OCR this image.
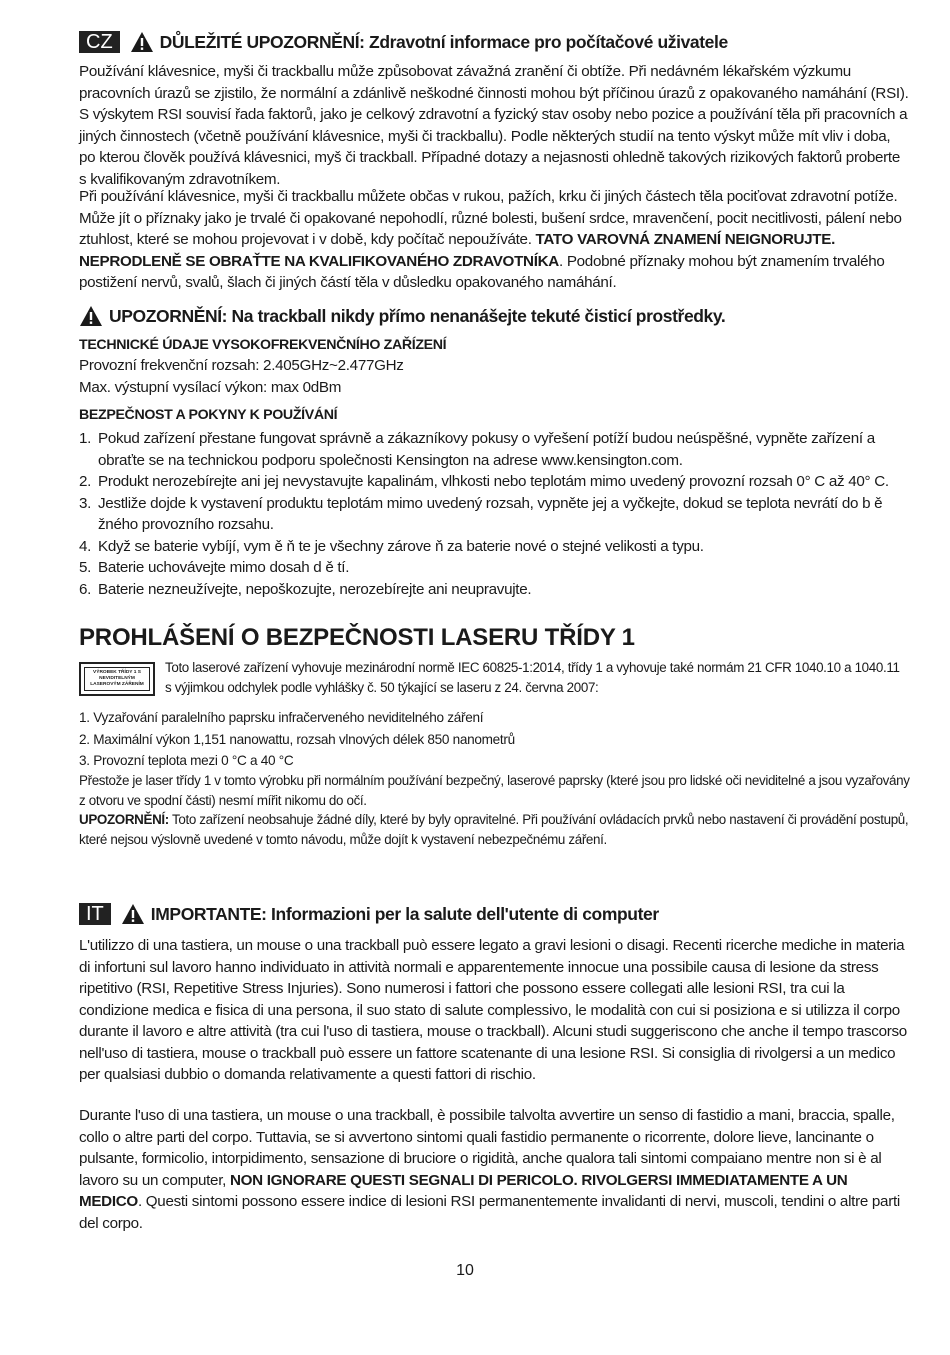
CZ	DŮLEŽITÉ UPOZORNĚNÍ: Zdravotní informace pro počítačové uživatele

Používání klávesnice, myši či trackballu může způsobovat závažná zranění či obtíže. Při nedávném lékařském výzkumu pracovních úrazů se zjistilo, že normální a zdánlivě neškodné činnosti mohou být příčinou úrazů z opakovaného namáhání (RSI). S výskytem RSI souvisí řada faktorů, jako je celkový zdravotní a fyzický stav osoby nebo pozice a používání těla při pracovních a jiných činnostech (včetně používání klávesnice, myši či trackballu). Podle některých studií na tento výskyt může mít vliv i doba, po kterou člověk používá klávesnici, myš či trackball. Případné dotazy a nejasnosti ohledně takových rizikových faktorů proberte s kvalifikovaným zdravotníkem.

Při používání klávesnice, myši či trackballu můžete občas v rukou, pažích, krku či jiných částech těla pociťovat zdravotní potíže. Může jít o příznaky jako je trvalé či opakované nepohodlí, různé bolesti, bušení srdce, mravenčení, pocit necitlivosti, pálení nebo ztuhlost, které se mohou projevovat i v době, kdy počítač nepoužíváte. TATO VAROVNÁ ZNAMENÍ NEIGNORUJTE. NEPRODLENĚ SE OBRAŤTE NA KVALIFIKOVANÉHO ZDRAVOTNÍKA. Podobné příznaky mohou být znamením trvalého postižení nervů, svalů, šlach či jiných částí těla v důsledku opakovaného namáhání.

UPOZORNĚNÍ: Na trackball nikdy přímo nenanášejte tekuté čisticí prostředky.
TECHNICKÉ ÚDAJE VYSOKOFREKVENČNÍHO ZAŘÍZENÍ
Provozní frekvenční rozsah: 2.405GHz~2.477GHz
Max. výstupní vysílací výkon: max 0dBm
BEZPEČNOST A POKYNY K POUŽÍVÁNÍ
1. Pokud zařízení přestane fungovat správně a zákazníkovy pokusy o vyřešení potíží budou neúspěšné, vypněte zařízení a obraťte se na technickou podporu společnosti Kensington na adrese www.kensington.com.
2. Produkt nerozebírejte ani jej nevystavujte kapalinám, vlhkosti nebo teplotám mimo uvedený provozní rozsah 0° C až 40° C.
3. Jestliže dojde k vystavení produktu teplotám mimo uvedený rozsah, vypněte jej a vyčkejte, dokud se teplota nevrátí do b ě žného provozního rozsahu.
4. Když se baterie vybíjí, vym ě ň te je všechny zárove ň za baterie nové o stejné velikosti a typu.
5. Baterie uchovávejte mimo dosah d ě tí.
6. Baterie nezneužívejte, nepoškozujte, nerozebírejte ani neupravujte.
PROHLÁŠENÍ O BEZPEČNOSTI LASERU TŘÍDY 1
VÝROBEK TŘÍDY 1 S NEVIDITELNÝM LASEROVÝM ZÁŘENÍM
Toto laserové zařízení vyhovuje mezinárodní normě IEC 60825-1:2014, třídy 1 a vyhovuje také normám 21 CFR 1040.10 a 1040.11 s výjimkou odchylek podle vyhlášky č. 50 týkající se laseru z 24. června 2007:
1. Vyzařování paralelního paprsku infračerveného neviditelného záření
2. Maximální výkon 1,151 nanowattu, rozsah vlnových délek 850 nanometrů
3. Provozní teplota mezi 0 °C a 40 °C

Přestože je laser třídy 1 v tomto výrobku při normálním používání bezpečný, laserové paprsky (které jsou pro lidské oči neviditelné a jsou vyzařovány z otvoru ve spodní části) nesmí mířit nikomu do očí.

UPOZORNĚNÍ: Toto zařízení neobsahuje žádné díly, které by byly opravitelné. Při používání ovládacích prvků nebo nastavení či provádění postupů, které nejsou výslovně uvedené v tomto návodu, může dojít k vystavení nebezpečnému záření.

IT	IMPORTANTE: Informazioni per la salute dell'utente di computer

L'utilizzo di una tastiera, un mouse o una trackball può essere legato a gravi lesioni o disagi. Recenti ricerche mediche in materia di infortuni sul lavoro hanno individuato in attività normali e apparentemente innocue una possibile causa di lesione da stress ripetitivo (RSI, Repetitive Stress Injuries). Sono numerosi i fattori che possono essere collegati alle lesioni RSI, tra cui la condizione medica e fisica di una persona, il suo stato di salute complessivo, le modalità con cui si posiziona e si utilizza il corpo durante il lavoro e altre attività (tra cui l'uso di tastiera, mouse o trackball). Alcuni studi suggeriscono che anche il tempo trascorso nell'uso di tastiera, mouse o trackball può essere un fattore scatenante di una lesione RSI. Si consiglia di rivolgersi a un medico per qualsiasi dubbio o domanda relativamente a questi fattori di rischio.

Durante l'uso di una tastiera, un mouse o una trackball, è possibile talvolta avvertire un senso di fastidio a mani, braccia, spalle, collo o altre parti del corpo. Tuttavia, se si avvertono sintomi quali fastidio permanente o ricorrente, dolore lieve, lancinante o pulsante, formicolio, intorpidimento, sensazione di bruciore o rigidità, anche qualora tali sintomi compaiano mentre non si è al lavoro su un computer, NON IGNORARE QUESTI SEGNALI DI PERICOLO. RIVOLGERSI IMMEDIATAMENTE A UN MEDICO. Questi sintomi possono essere indice di lesioni RSI permanentemente invalidanti di nervi, muscoli, tendini o altre parti del corpo.

10
